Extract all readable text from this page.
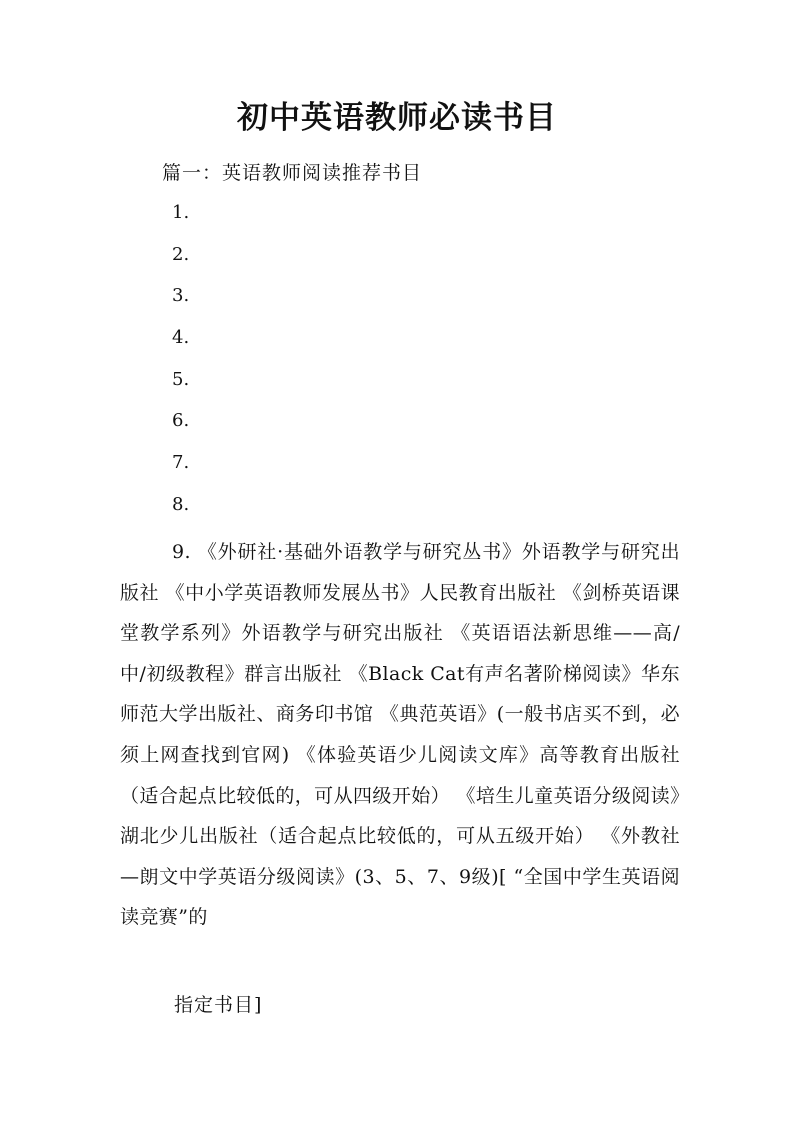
初中英语教师必读书目
篇一：英语教师阅读推荐书目
1.
2.
3.
4.
5.
6.
7.
8.
9. 《外研社·基础外语教学与研究丛书》外语教学与研究出版社 《中小学英语教师发展丛书》人民教育出版社 《剑桥英语课堂教学系列》外语教学与研究出版社 《英语语法新思维——高/中/初级教程》群言出版社 《Black Cat有声名著阶梯阅读》华东师范大学出版社、商务印书馆 《典范英语》(一般书店买不到，必须上网查找到官网) 《体验英语少儿阅读文库》高等教育出版社（适合起点比较低的，可从四级开始） 《培生儿童英语分级阅读》湖北少儿出版社（适合起点比较低的，可从五级开始） 《外教社—朗文中学英语分级阅读》(3、5、7、9级)[ “全国中学生英语阅读竞赛”的
指定书目]
